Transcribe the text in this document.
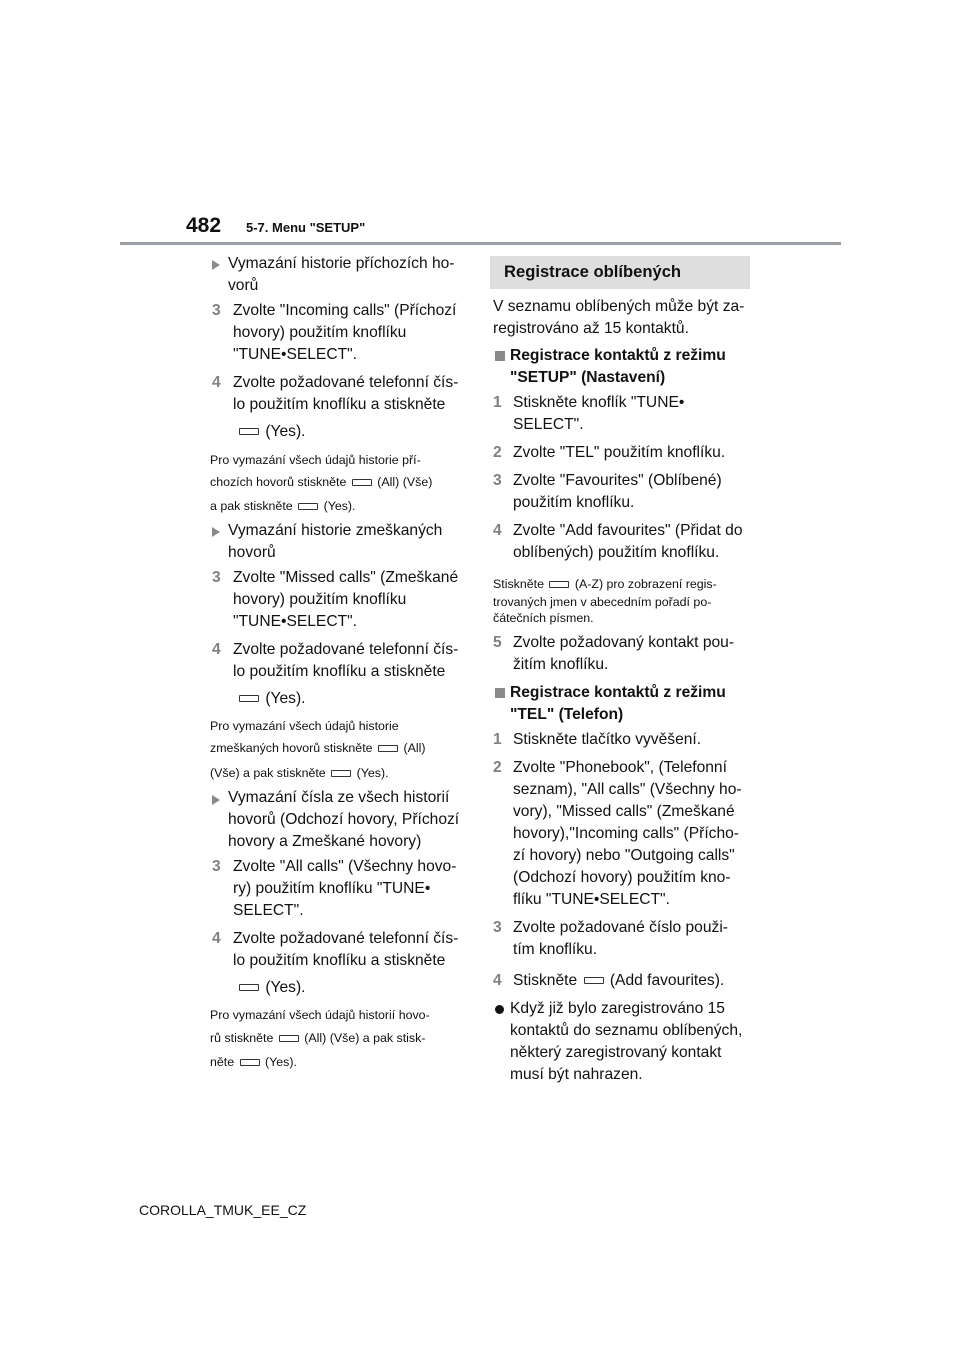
482 5-7. Menu "SETUP"
Vymazání historie příchozích ho-
vorů
3 Zvolte "Incoming calls" (Příchozí
hovory) použitím knoflíku
"TUNE•SELECT".
4 Zvolte požadované telefonní čís-
lo použitím knoflíku a stiskněte
(Yes).
Pro vymazání všech údajů historie pří-
chozích hovorů stiskněte (All) (Vše)
a pak stiskněte (Yes).
Vymazání historie zmeškaných
hovorů
3 Zvolte "Missed calls" (Zmeškané
hovory) použitím knoflíku
"TUNE•SELECT".
4 Zvolte požadované telefonní čís-
lo použitím knoflíku a stiskněte
(Yes).
Pro vymazání všech údajů historie
zmeškaných hovorů stiskněte (All)
(Vše) a pak stiskněte (Yes).
Vymazání čísla ze všech historií
hovorů (Odchozí hovory, Příchozí
hovory a Zmeškané hovory)
3 Zvolte "All calls" (Všechny hovo-
ry) použitím knoflíku "TUNE•
SELECT".
4 Zvolte požadované telefonní čís-
lo použitím knoflíku a stiskněte
(Yes).
Pro vymazání všech údajů historií hovo-
rů stiskněte (All) (Vše) a pak stisk-
něte (Yes).
Registrace oblíbených
V seznamu oblíbených může být za-
registrováno až 15 kontaktů.
Registrace kontaktů z režimu
"SETUP" (Nastavení)
1 Stiskněte knoflík "TUNE•
SELECT".
2 Zvolte "TEL" použitím knoflíku.
3 Zvolte "Favourites" (Oblíbené)
použitím knoflíku.
4 Zvolte "Add favourites" (Přidat do
oblíbených) použitím knoflíku.
Stiskněte (A-Z) pro zobrazení regis-
trovaných jmen v abecedním pořadí po-
čátečních písmen.
5 Zvolte požadovaný kontakt pou-
žitím knoflíku.
Registrace kontaktů z režimu
"TEL" (Telefon)
1 Stiskněte tlačítko vyvěšení.
2 Zvolte "Phonebook", (Telefonní
seznam), "All calls" (Všechny ho-
vory), "Missed calls" (Zmeškané
hovory),"Incoming calls" (Přícho-
zí hovory) nebo "Outgoing calls"
(Odchozí hovory) použitím kno-
flíku "TUNE•SELECT".
3 Zvolte požadované číslo použi-
tím knoflíku.
4 Stiskněte (Add favourites).
Když již bylo zaregistrováno 15
kontaktů do seznamu oblíbených,
některý zaregistrovaný kontakt
musí být nahrazen.
COROLLA_TMUK_EE_CZ
